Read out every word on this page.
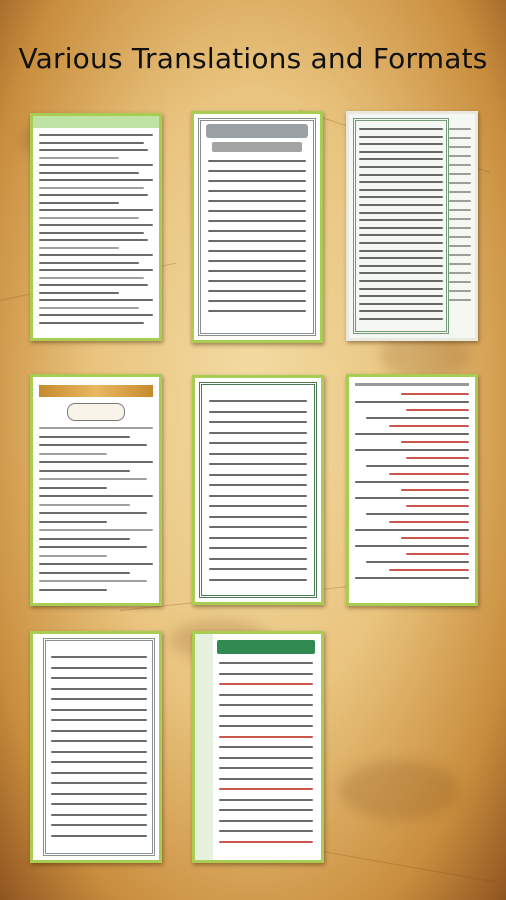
Various Translations and Formats
